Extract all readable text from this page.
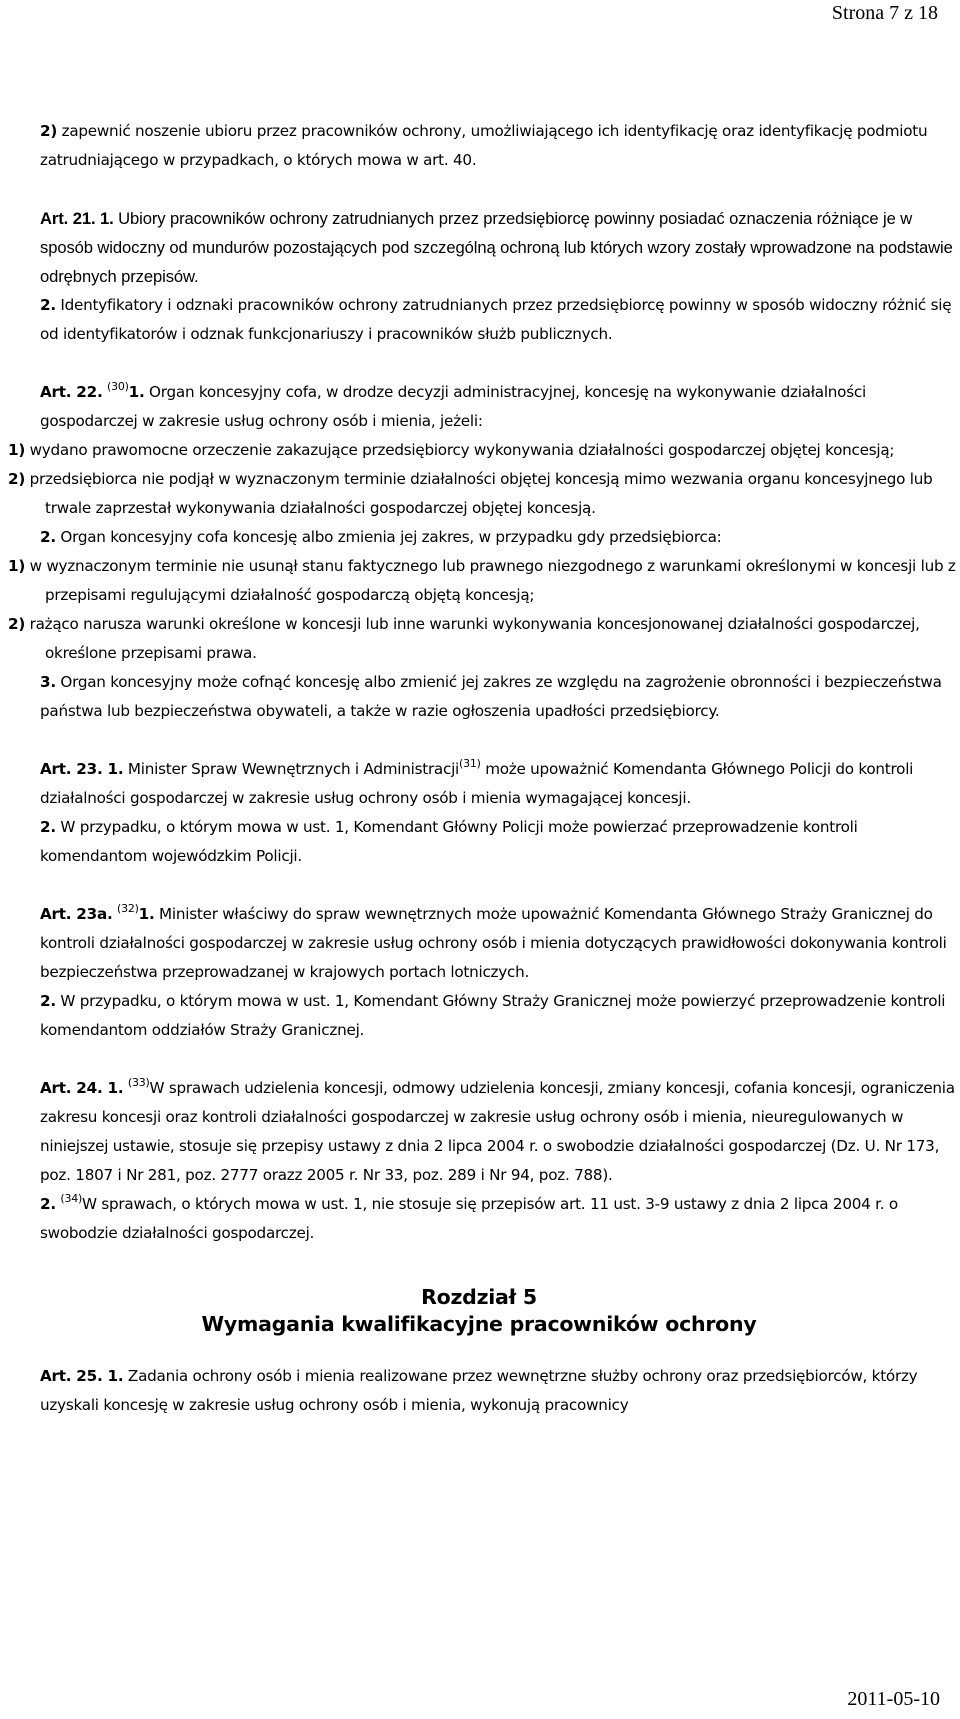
Strona 7 z 18

2) zapewnić noszenie ubioru przez pracowników ochrony, umożliwiającego ich identyfikację oraz identyfikację podmiotu zatrudniającego w przypadkach, o których mowa w art. 40.

Art. 21. 1. Ubiory pracowników ochrony zatrudnianych przez przedsiębiorcę powinny posiadać oznaczenia różniące je w sposób widoczny od mundurów pozostających pod szczególną ochroną lub których wzory zostały wprowadzone na podstawie odrębnych przepisów.

2. Identyfikatory i odznaki pracowników ochrony zatrudnianych przez przedsiębiorcę powinny w sposób widoczny różnić się od identyfikatorów i odznak funkcjonariuszy i pracowników służb publicznych.

Art. 22. $^{(30)}$1. Organ koncesyjny cofa, w drodze decyzji administracyjnej, koncesję na wykonywanie działalności gospodarczej w zakresie usług ochrony osób i mienia, jeżeli:

1) wydano prawomocne orzeczenie zakazujące przedsiębiorcy wykonywania działalności gospodarczej objętej koncesją;

2) przedsiębiorca nie podjął w wyznaczonym terminie działalności objętej koncesją mimo wezwania organu koncesyjnego lub trwale zaprzestał wykonywania działalności gospodarczej objętej koncesją.

2. Organ koncesyjny cofa koncesję albo zmienia jej zakres, w przypadku gdy przedsiębiorca:

1) w wyznaczonym terminie nie usunął stanu faktycznego lub prawnego niezgodnego z warunkami określonymi w koncesji lub z przepisami regulującymi działalność gospodarczą objętą koncesją;

2) rażąco narusza warunki określone w koncesji lub inne warunki wykonywania koncesjonowanej działalności gospodarczej, określone przepisami prawa.

3. Organ koncesyjny może cofnąć koncesję albo zmienić jej zakres ze względu na zagrożenie obronności i bezpieczeństwa państwa lub bezpieczeństwa obywateli, a także w razie ogłoszenia upadłości przedsiębiorcy.

Art. 23. 1. Minister Spraw Wewnętrznych i Administracji$^{(31)}$ może upoważnić Komendanta Głównego Policji do kontroli działalności gospodarczej w zakresie usług ochrony osób i mienia wymagającej koncesji.

2. W przypadku, o którym mowa w ust. 1, Komendant Główny Policji może powierzać przeprowadzenie kontroli komendantom wojewódzkim Policji.

Art. 23a. $^{(32)}$1. Minister właściwy do spraw wewnętrznych może upoważnić Komendanta Głównego Straży Granicznej do kontroli działalności gospodarczej w zakresie usług ochrony osób i mienia dotyczących prawidłowości dokonywania kontroli bezpieczeństwa przeprowadzanej w krajowych portach lotniczych.

2. W przypadku, o którym mowa w ust. 1, Komendant Główny Straży Granicznej może powierzyć przeprowadzenie kontroli komendantom oddziałów Straży Granicznej.

Art. 24. 1. $^{(33)}$W sprawach udzielenia koncesji, odmowy udzielenia koncesji, zmiany koncesji, cofania koncesji, ograniczenia zakresu koncesji oraz kontroli działalności gospodarczej w zakresie usług ochrony osób i mienia, nieuregulowanych w niniejszej ustawie, stosuje się przepisy ustawy z dnia 2 lipca 2004 r. o swobodzie działalności gospodarczej (Dz. U. Nr 173, poz. 1807 i Nr 281, poz. 2777 orazz 2005 r. Nr 33, poz. 289 i Nr 94, poz. 788).

2. $^{(34)}$W sprawach, o których mowa w ust. 1, nie stosuje się przepisów art. 11 ust. 3-9 ustawy z dnia 2 lipca 2004 r. o swobodzie działalności gospodarczej.

Rozdział 5

Wymagania kwalifikacyjne pracowników ochrony

Art. 25. 1. Zadania ochrony osób i mienia realizowane przez wewnętrzne służby ochrony oraz przedsiębiorców, którzy uzyskali koncesję w zakresie usług ochrony osób i mienia, wykonują pracownicy

2011-05-10
